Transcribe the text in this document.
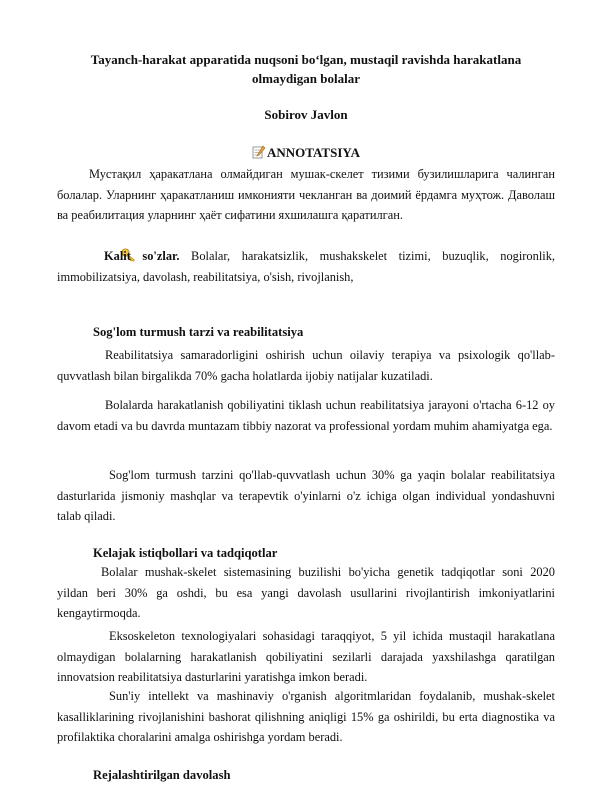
Tayanch-harakat apparatida nuqsoni bo‘lgan, mustaqil ravishda harakatlana
olmaydigan bolalar
Sobirov Javlon
ANNOTATSIYA
Мустақил ҳаракатлана олмайдиган мушак-скелет тизими бузилишларига чалинган болалар. Уларнинг ҳаракатланиш имконияти чекланган ва доимий ёрдамга муҳтож. Даволаш ва реабилитация уларнинг ҳаёт сифатини яхшилашга қаратилган.
Kalit so'zlar. Bolalar, harakatsizlik, mushakskelet tizimi, buzuqlik, nogironlik, immobilizatsiya, davolash, reabilitatsiya, o'sish, rivojlanish,
Sog'lom turmush tarzi va reabilitatsiya
Reabilitatsiya samaradorligini oshirish uchun oilaviy terapiya va psixologik qo'llab-quvvatlash bilan birgalikda 70% gacha holatlarda ijobiy natijalar kuzatiladi.
Bolalarda harakatlanish qobiliyatini tiklash uchun reabilitatsiya jarayoni o'rtacha 6-12 oy davom etadi va bu davrda muntazam tibbiy nazorat va professional yordam muhim ahamiyatga ega.
Sog'lom turmush tarzini qo'llab-quvvatlash uchun 30% ga yaqin bolalar reabilitatsiya dasturlarida jismoniy mashqlar va terapevtik o'yinlarni o'z ichiga olgan individual yondashuvni talab qiladi.
Kelajak istiqbollari va tadqiqotlar
Bolalar mushak-skelet sistemasining buzilishi bo'yicha genetik tadqiqotlar soni 2020 yildan beri 30% ga oshdi, bu esa yangi davolash usullarini rivojlantirish imkoniyatlarini kengaytirmoqda.
Eksoskeleton texnologiyalari sohasidagi taraqqiyot, 5 yil ichida mustaqil harakatlana olmaydigan bolalarning harakatlanish qobiliyatini sezilarli darajada yaxshilashga qaratilgan innovatsion reabilitatsiya dasturlarini yaratishga imkon beradi.
Sun'iy intellekt va mashinaviy o'rganish algoritmlaridan foydalanib, mushak-skelet kasalliklarining rivojlanishini bashorat qilishning aniqligi 15% ga oshirildi, bu erta diagnostika va profilaktika choralarini amalga oshirishga yordam beradi.
Rejalashtirilgan davolash
